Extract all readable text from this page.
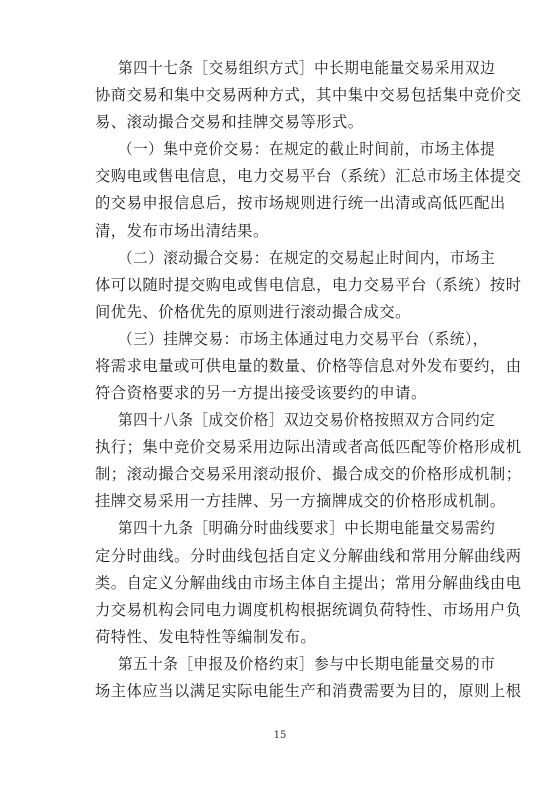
第四十七条［交易组织方式］中长期电能量交易采用双边
协商交易和集中交易两种方式，其中集中交易包括集中竞价交
易、滚动撮合交易和挂牌交易等形式。
（一）集中竞价交易：在规定的截止时间前，市场主体提
交购电或售电信息，电力交易平台（系统）汇总市场主体提交
的交易申报信息后，按市场规则进行统一出清或高低匹配出
清，发布市场出清结果。
（二）滚动撮合交易：在规定的交易起止时间内，市场主
体可以随时提交购电或售电信息，电力交易平台（系统）按时
间优先、价格优先的原则进行滚动撮合成交。
（三）挂牌交易：市场主体通过电力交易平台（系统），
将需求电量或可供电量的数量、价格等信息对外发布要约，由
符合资格要求的另一方提出接受该要约的申请。
第四十八条［成交价格］双边交易价格按照双方合同约定
执行；集中竞价交易采用边际出清或者高低匹配等价格形成机
制；滚动撮合交易采用滚动报价、撮合成交的价格形成机制；
挂牌交易采用一方挂牌、另一方摘牌成交的价格形成机制。
第四十九条［明确分时曲线要求］中长期电能量交易需约
定分时曲线。分时曲线包括自定义分解曲线和常用分解曲线两
类。自定义分解曲线由市场主体自主提出；常用分解曲线由电
力交易机构会同电力调度机构根据统调负荷特性、市场用户负
荷特性、发电特性等编制发布。
第五十条［申报及价格约束］参与中长期电能量交易的市
场主体应当以满足实际电能生产和消费需要为目的，原则上根
15
